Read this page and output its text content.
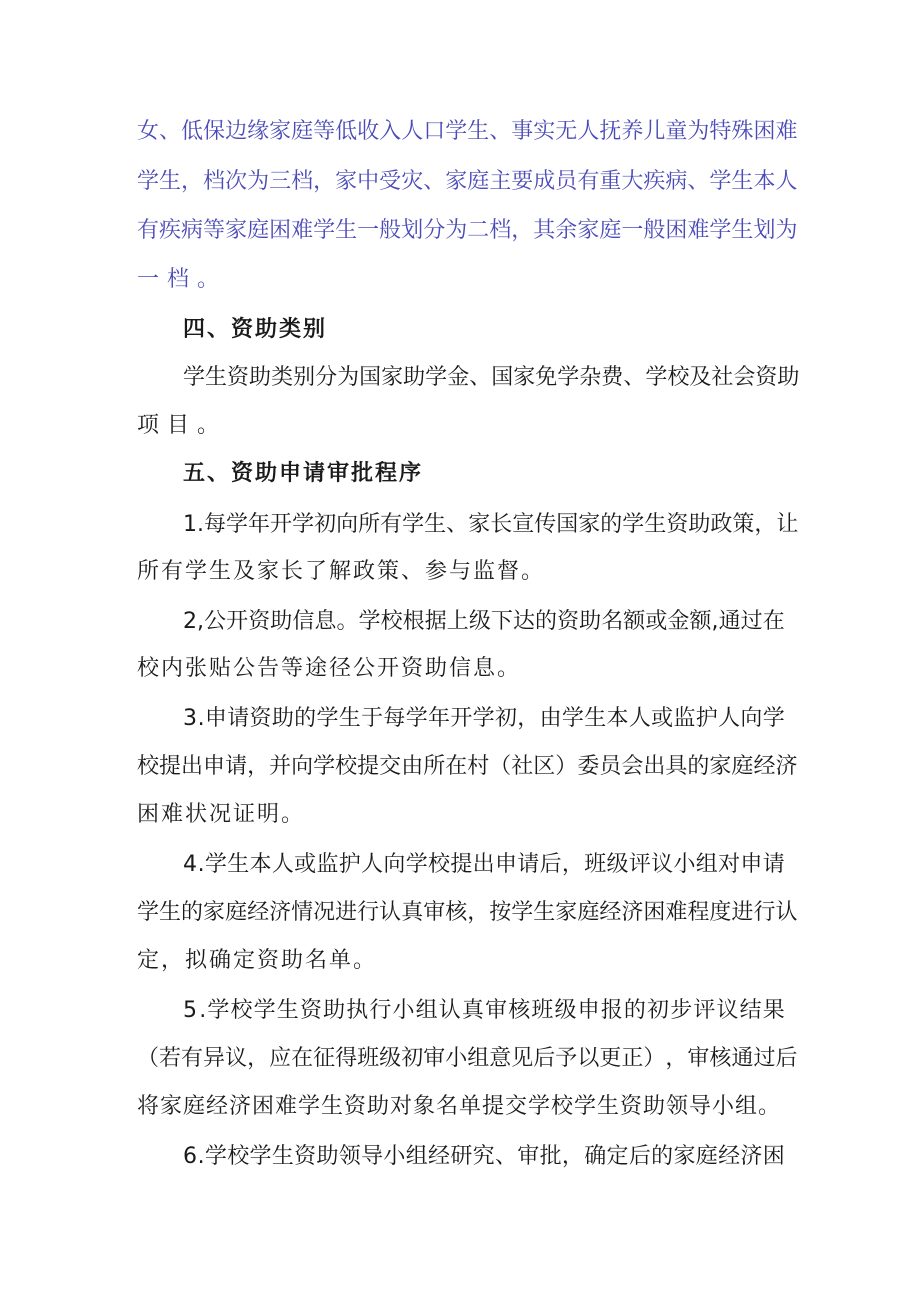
女 、 低 保 边 缘 家 庭 等 低 收 入 人 口 学 生 、 事 实 无 人 抚 养 儿 童 为 特 殊 困 难
学 生 ， 档 次 为 三 档 ， 家 中 受 灾 、 家 庭 主 要 成 员 有 重 大 疾 病 、 学 生 本 人
有 疾 病 等 家 庭 困 难 学 生 一 般 划 分 为 二 档 ， 其 余 家 庭 一 般 困 难 学 生 划 为
一档。
四、资助类别
学 生 资 助 类 别 分 为 国 家 助 学 金 、 国 家 免 学 杂 费 、 学 校 及 社 会 资 助
项目。
五、资助申请审批程序
1 . 每 学 年 开 学 初 向 所 有 学 生 、 家 长 宣 传 国 家 的 学 生 资 助 政 策 ， 让
所有学生及家长了解政策、参与监督。
2 , 公 开 资 助 信 息 。 学 校 根 据 上 级 下 达 的 资 助 名 额 或 金 额 , 通 过 在
校内张贴公告等途径公开资助信息。
3 . 申 请 资 助 的 学 生 于 每 学 年 开 学 初 ， 由 学 生 本 人 或 监 护 人 向 学
校 提 出 申 请 ， 并 向 学 校 提 交 由 所 在 村 （ 社 区 ） 委 员 会 出 具 的 家 庭 经 济
困难状况证明。
4 . 学 生 本 人 或 监 护 人 向 学 校 提 出 申 请 后 ， 班 级 评 议 小 组 对 申 请
学 生 的 家 庭 经 济 情 况 进 行 认 真 审 核 ， 按 学 生 家 庭 经 济 困 难 程 度 进 行 认
定，拟确定资助名单。
5 . 学 校 学 生 资 助 执 行 小 组 认 真 审 核 班 级 申 报 的 初 步 评 议 结 果
（ 若 有 异 议 ， 应 在 征 得 班 级 初 审 小 组 意 见 后 予 以 更 正 ） ， 审 核 通 过 后
将家庭经济困难学生资助对象名单提交学校学生资助领导小组。
6 . 学 校 学 生 资 助 领 导 小 组 经 研 究 、 审 批 ， 确 定 后 的 家 庭 经 济 困
